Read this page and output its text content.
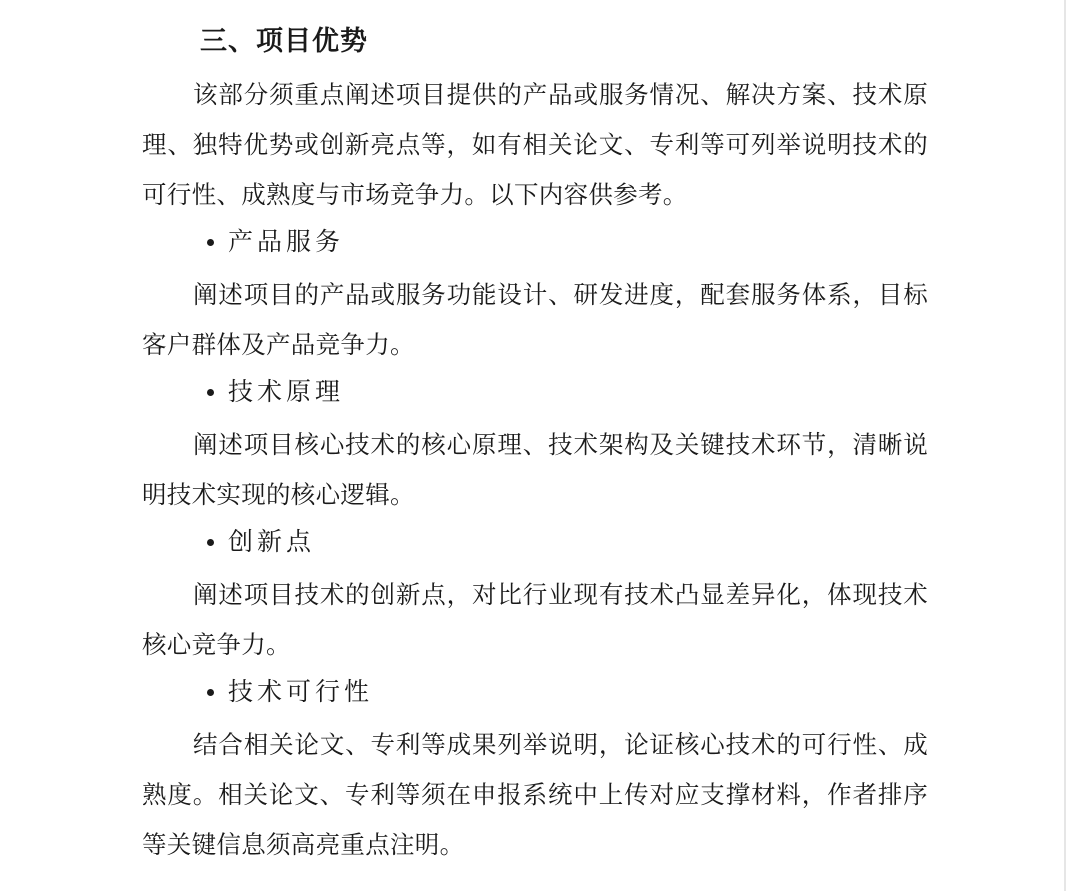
三、项目优势

该部分须重点阐述项目提供的产品或服务情况、解决方案、技术原理、独特优势或创新亮点等，如有相关论文、专利等可列举说明技术的可行性、成熟度与市场竞争力。以下内容供参考。

产品服务

阐述项目的产品或服务功能设计、研发进度，配套服务体系，目标客户群体及产品竞争力。

技术原理

阐述项目核心技术的核心原理、技术架构及关键技术环节，清晰说明技术实现的核心逻辑。

创新点

阐述项目技术的创新点，对比行业现有技术凸显差异化，体现技术核心竞争力。

技术可行性

结合相关论文、专利等成果列举说明，论证核心技术的可行性、成熟度。相关论文、专利等须在申报系统中上传对应支撑材料，作者排序等关键信息须高亮重点注明。
